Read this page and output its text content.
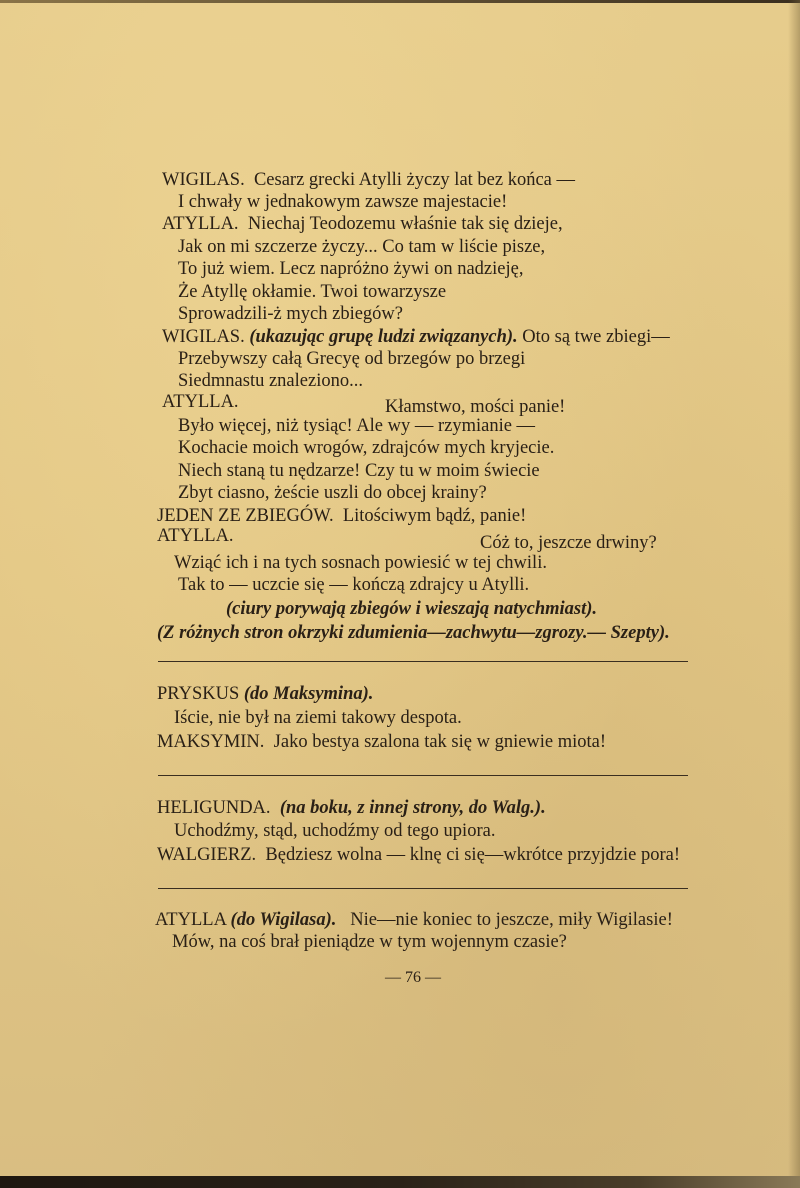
WIGILAS. Cesarz grecki Atylli życzy lat bez końca —
I chwały w jednakowym zawsze majestacie!
ATYLLA. Niechaj Teodozemu właśnie tak się dzieje,
Jak on mi szczerze życzy... Co tam w liście pisze,
To już wiem. Lecz napróżno żywi on nadzieję,
Że Atyllę okłamie. Twoi towarzysze
Sprowadzili-ż mych zbiegów?
WIGILAS. (ukazując grupę ludzi związanych). Oto są twe zbiegi—
Przebywszy całą Grecyę od brzegów po brzegi
Siedmnastu znaleziono...
ATYLLA.	Kłamstwo, mości panie!
Było więcej, niż tysiąc! Ale wy — rzymianie —
Kochacie moich wrogów, zdrajców mych kryjecie.
Niech staną tu nędzarze! Czy tu w moim świecie
Zbyt ciasno, żeście uszli do obcej krainy?
JEDEN ZE ZBIEGÓW. Litościwym bądź, panie!
ATYLLA.	Cóż to, jeszcze drwiny?
Wziąć ich i na tych sosnach powiesić w tej chwili.
Tak to — uczcie się — kończą zdrajcy u Atylli.
(ciury porywają zbiegów i wieszają natychmiast).
(Z różnych stron okrzyki zdumienia—zachwytu—zgrozy.— Szepty).
PRYSKUS (do Maksymina).
Iście, nie był na ziemi takowy despota.
MAKSYMIN. Jako bestya szalona tak się w gniewie miota!
HELIGUNDA. (na boku, z innej strony, do Walg.).
Uchodźmy, stąd, uchodźmy od tego upiora.
WALGIERZ. Będziesz wolna — klnę ci się—wkrótce przyjdzie pora!
ATYLLA (do Wigilasa). Nie—nie koniec to jeszcze, miły Wigilasie!
Mów, na coś brał pieniądze w tym wojennym czasie?
— 76 —
